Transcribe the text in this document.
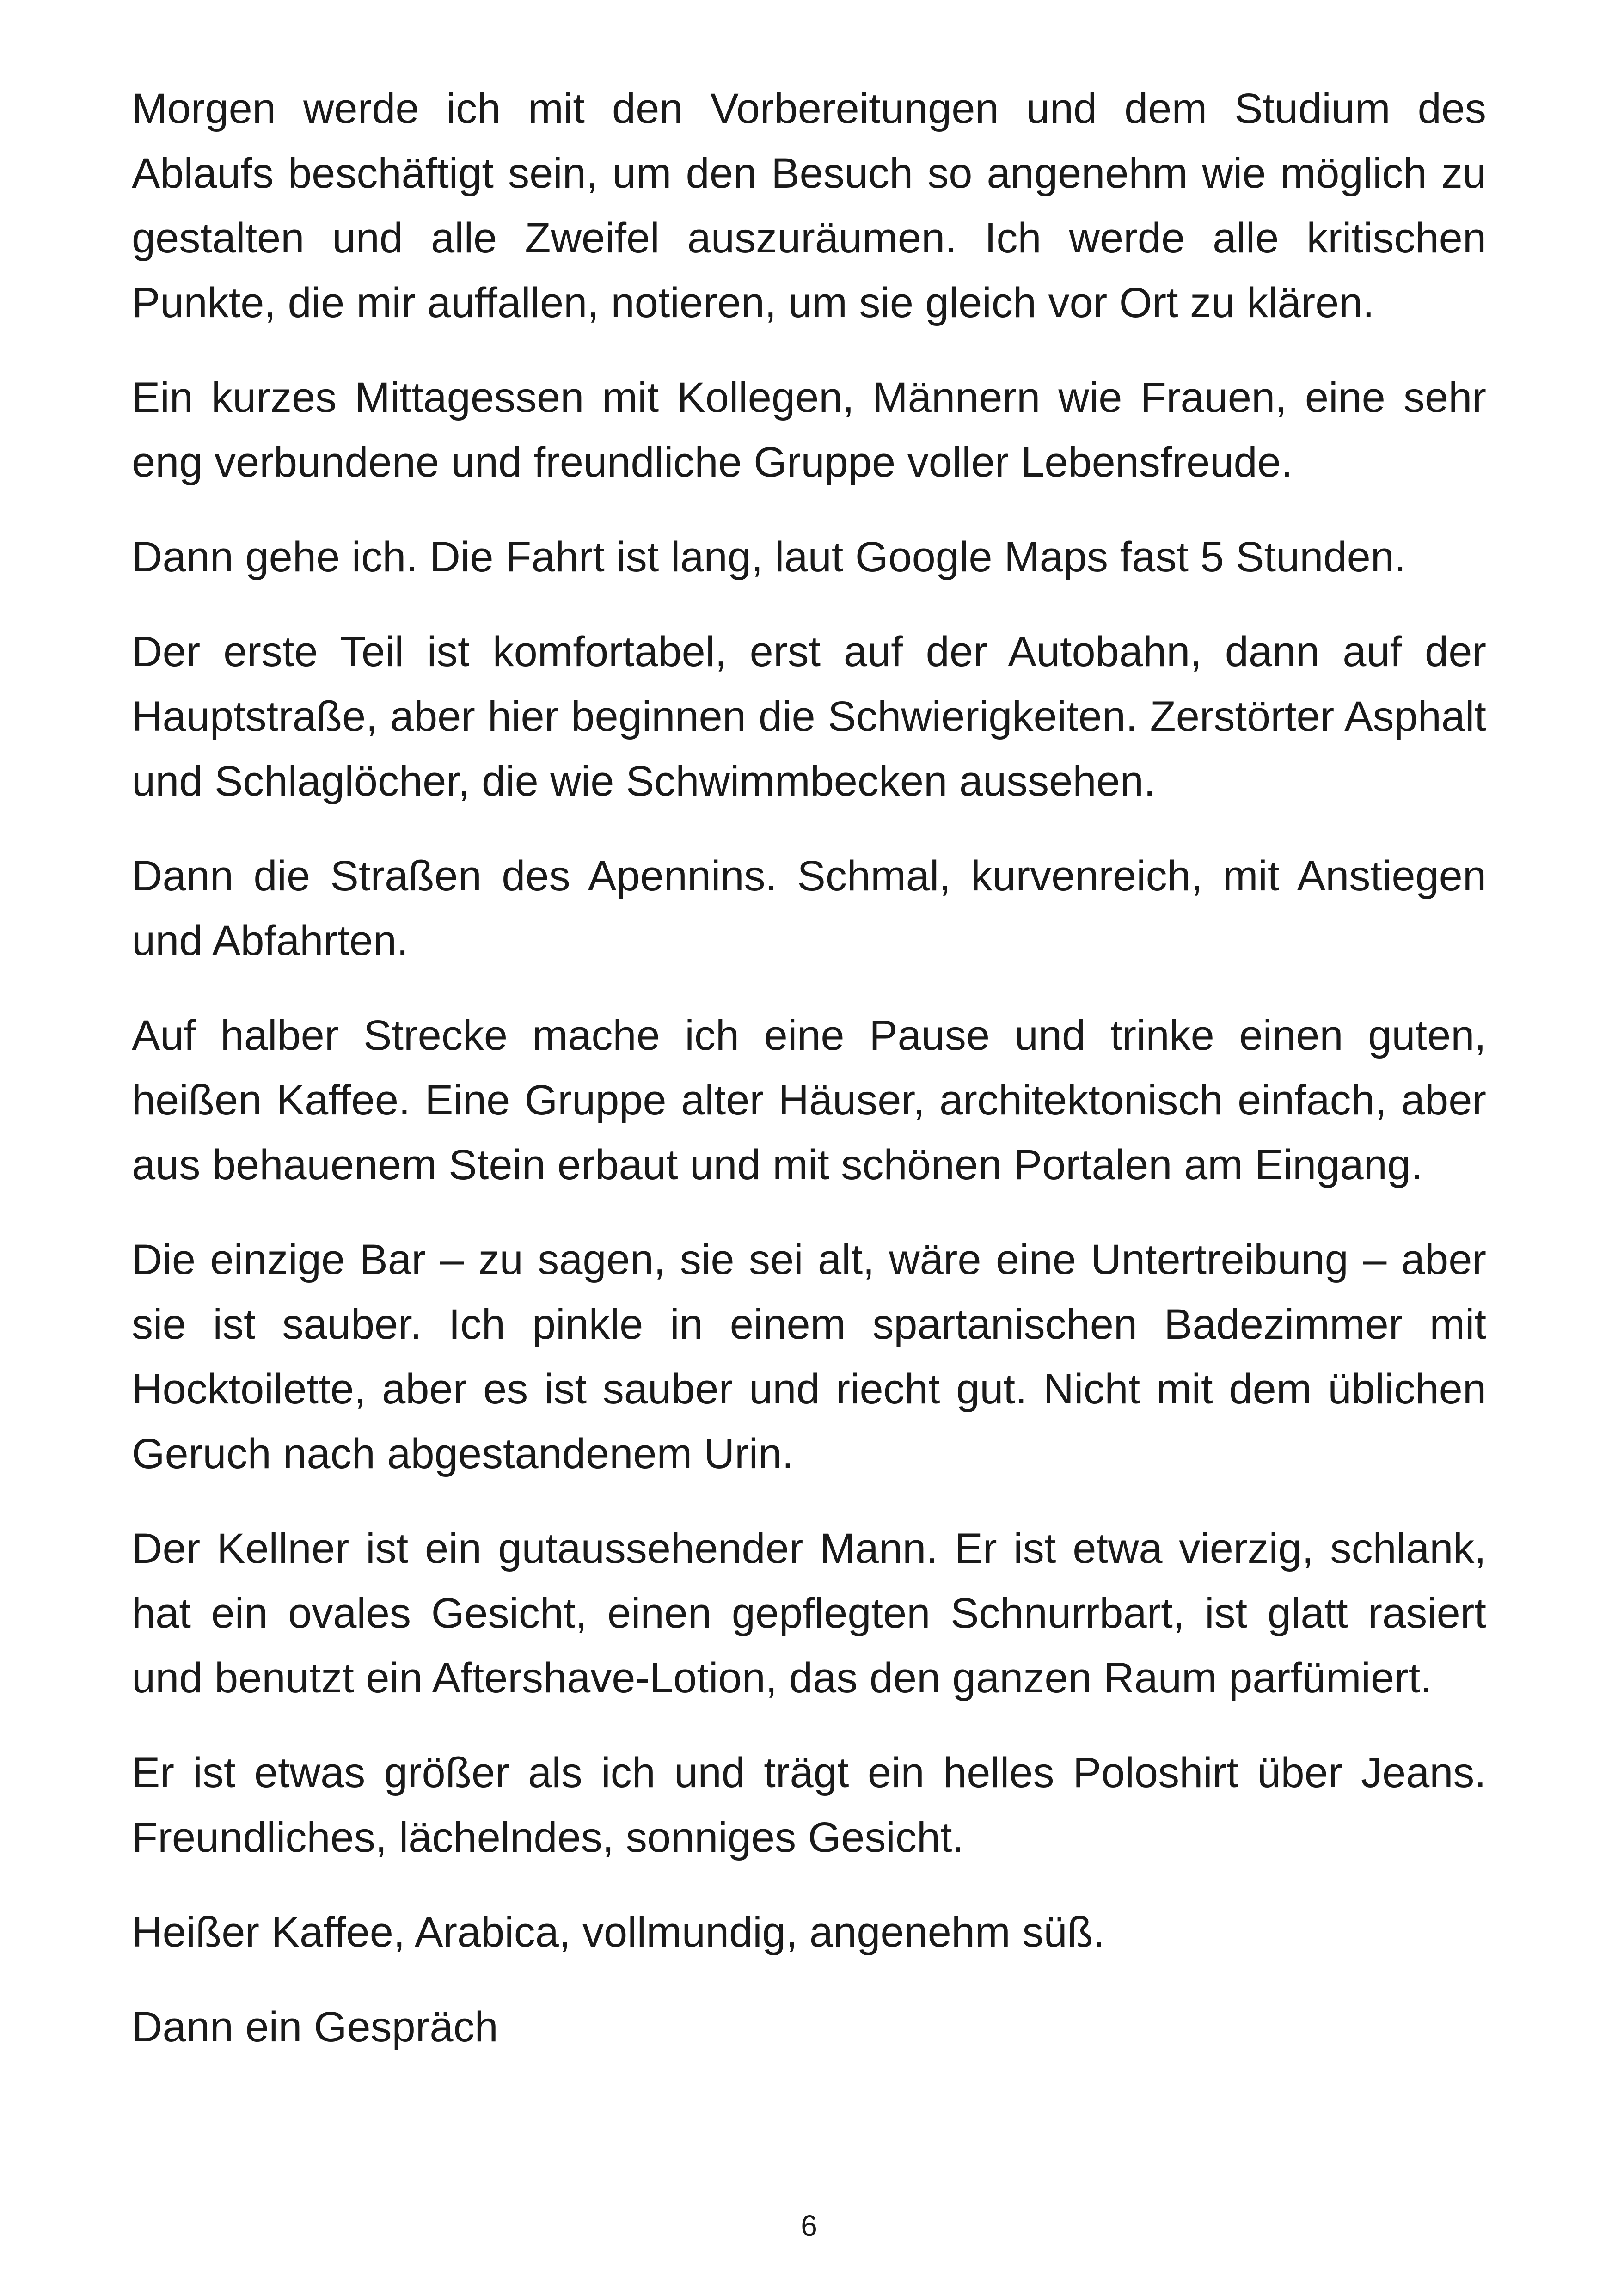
Morgen werde ich mit den Vorbereitungen und dem Studium des Ablaufs beschäftigt sein, um den Besuch so angenehm wie möglich zu gestalten und alle Zweifel auszuräumen. Ich werde alle kritischen Punkte, die mir auffallen, notieren, um sie gleich vor Ort zu klären.

Ein kurzes Mittagessen mit Kollegen, Männern wie Frauen, eine sehr eng verbundene und freundliche Gruppe voller Lebensfreude.

Dann gehe ich. Die Fahrt ist lang, laut Google Maps fast 5 Stunden.

Der erste Teil ist komfortabel, erst auf der Autobahn, dann auf der Hauptstraße, aber hier beginnen die Schwierigkeiten. Zerstörter Asphalt und Schlaglöcher, die wie Schwimmbecken aussehen.

Dann die Straßen des Apennins. Schmal, kurvenreich, mit Anstiegen und Abfahrten.

Auf halber Strecke mache ich eine Pause und trinke einen guten, heißen Kaffee. Eine Gruppe alter Häuser, architektonisch einfach, aber aus behauenem Stein erbaut und mit schönen Portalen am Eingang.

Die einzige Bar – zu sagen, sie sei alt, wäre eine Untertreibung – aber sie ist sauber. Ich pinkle in einem spartanischen Badezimmer mit Hocktoilette, aber es ist sauber und riecht gut. Nicht mit dem üblichen Geruch nach abgestandenem Urin.

Der Kellner ist ein gutaussehender Mann. Er ist etwa vierzig, schlank, hat ein ovales Gesicht, einen gepflegten Schnurrbart, ist glatt rasiert und benutzt ein Aftershave-Lotion, das den ganzen Raum parfümiert.

Er ist etwas größer als ich und trägt ein helles Poloshirt über Jeans. Freundliches, lächelndes, sonniges Gesicht.

Heißer Kaffee, Arabica, vollmundig, angenehm süß.

Dann ein Gespräch

6
